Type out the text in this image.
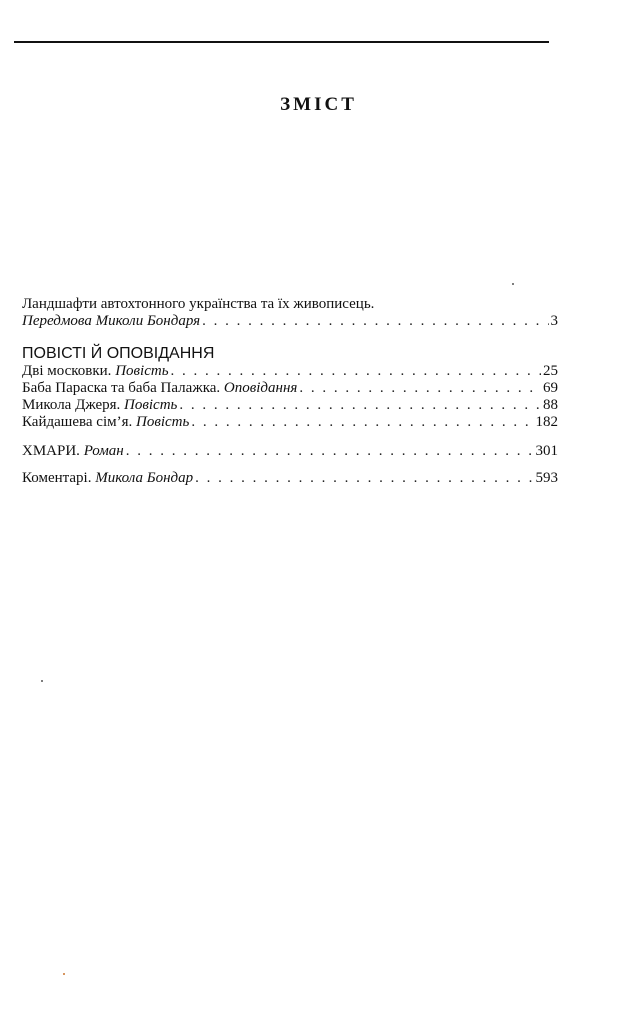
ЗМІСТ
Ландшафти автохтонного українства та їх живописець.
Передмова Миколи Бондаря . . .	3
ПОВІСТІ Й ОПОВІДАННЯ
Дві московки. Повість . . .	25
Баба Параска та баба Палажка. Оповідання . . .	69
Микола Джеря. Повість . . .	88
Кайдашева сім’я. Повість . . .	182
ХМАРИ. Роман . . .	301
Коментарі. Микола Бондар . . .	593
